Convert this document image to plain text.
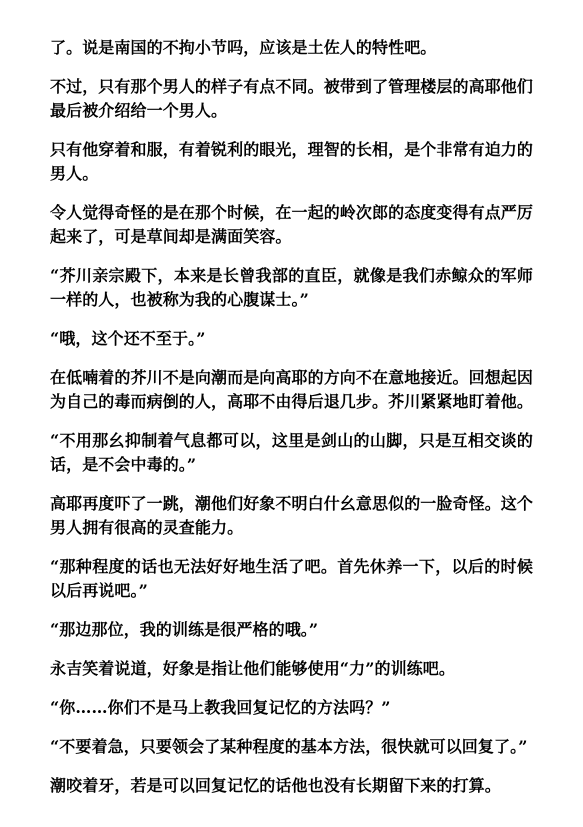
了。说是南国的不拘小节吗，应该是土佐人的特性吧。

不过，只有那个男人的样子有点不同。被带到了管理楼层的高耶他们最后被介绍给一个男人。

只有他穿着和服，有着锐利的眼光，理智的长相，是个非常有迫力的男人。

令人觉得奇怪的是在那个时候，在一起的岭次郎的态度变得有点严厉起来了，可是草间却是满面笑容。

“芥川亲宗殿下，本来是长曾我部的直臣，就像是我们赤鲸众的军师一样的人，也被称为我的心腹谋士。”

“哦，这个还不至于。”

在低喃着的芥川不是向潮而是向高耶的方向不在意地接近。回想起因为自己的毒而病倒的人，高耶不由得后退几步。芥川紧紧地盯着他。

“不用那幺抑制着气息都可以，这里是剑山的山脚，只是互相交谈的话，是不会中毒的。”

高耶再度吓了一跳，潮他们好象不明白什幺意思似的一脸奇怪。这个男人拥有很高的灵查能力。

“那种程度的话也无法好好地生活了吧。首先休养一下，以后的时候以后再说吧。”

“那边那位，我的训练是很严格的哦。”

永吉笑着说道，好象是指让他们能够使用“力”的训练吧。

“你……你们不是马上教我回复记忆的方法吗？”

“不要着急，只要领会了某种程度的基本方法，很快就可以回复了。”

潮咬着牙，若是可以回复记忆的话他也没有长期留下来的打算。
